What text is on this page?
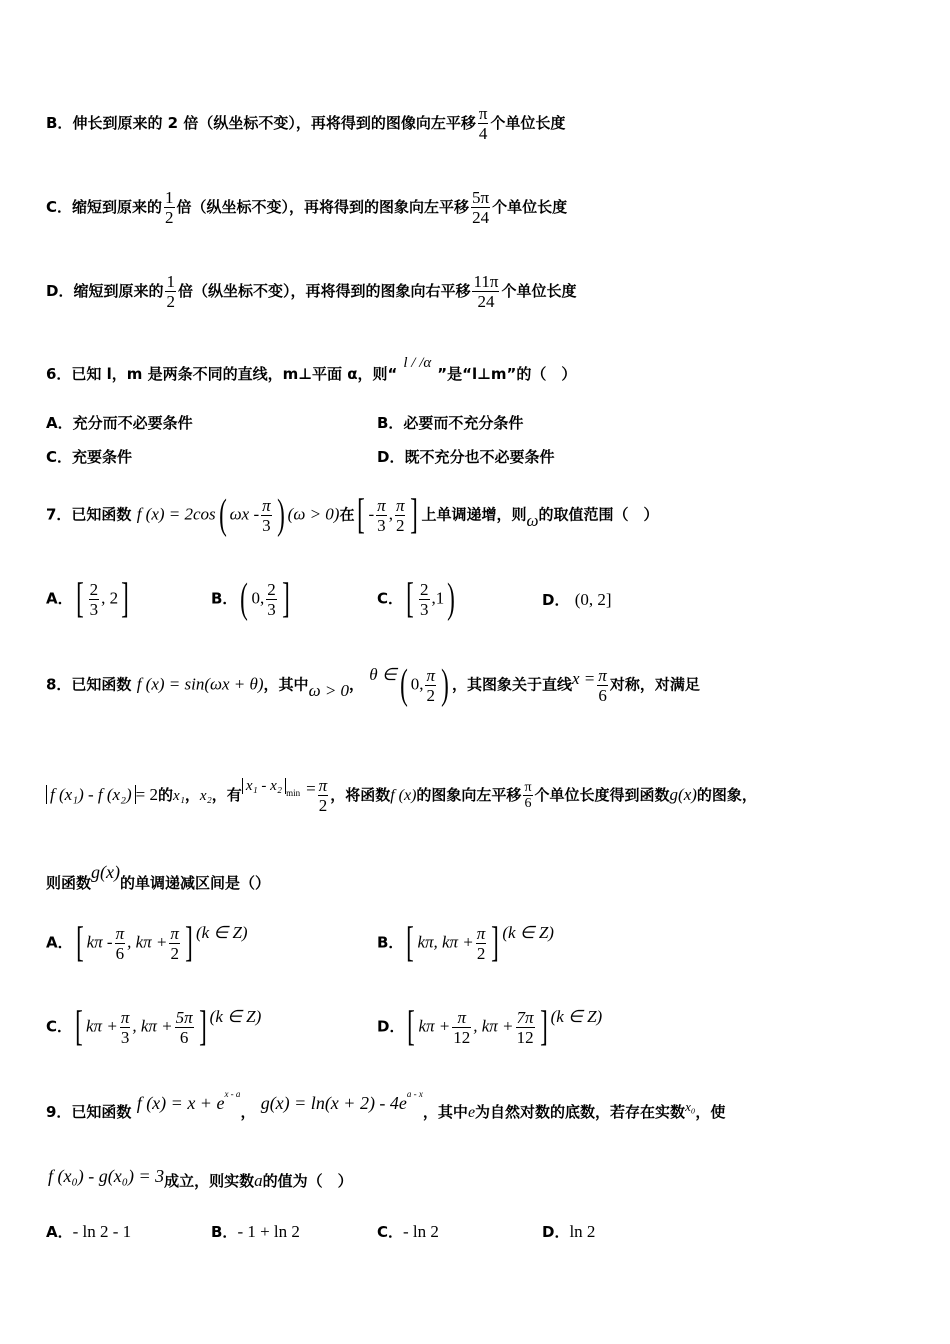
B．伸长到原来的 2 倍（纵坐标不变），再将得到的图像向左平移 $\frac{\pi}{4}$ 个单位长度
C．缩短到原来的 $\frac{1}{2}$ 倍（纵坐标不变），再将得到的图象向左平移 $\frac{5\pi}{24}$ 个单位长度
D．缩短到原来的 $\frac{1}{2}$ 倍（纵坐标不变），再将得到的图象向右平移 $\frac{11\pi}{24}$ 个单位长度
6．已知 l，m 是两条不同的直线，m⊥平面 α，则“l / /α”是“l⊥m”的（　）
A．充分而不必要条件	B．必要而不充分条件
C．充要条件	D．既不充分也不必要条件
7．已知函数 f (x) = 2cos( ωx - $\frac{\pi}{3}$ ) (ω > 0)在[ - $\frac{\pi}{3}$ , $\frac{\pi}{2}$ ] 上单调递增，则ω的取值范围（　）
A．[ $\frac{2}{3}$ , 2]	B．( 0, $\frac{2}{3}$ ]	C．[ $\frac{2}{3} ,1$)	D． (0, 2]
8．已知函数 f (x) = sin(ωx + θ)，其中ω > 0， θ ∈( 0, $\frac{\pi}{2}$ ) ，其图象关于直线$x = \frac{\pi}{6}$ 对称，对满足
f (x₁) - f (x₂) = 2的x₁，x₂，有 x₁ - x₂ $^{min} = \frac{\pi}{2}$ ，将函数f (x)的图象向左平移 $\frac{\pi}{6}$ 个单位长度得到函数g(x)的图象，
则函数g(x)的单调递减区间是（）
A．[ kπ - $\frac{\pi}{6}$ , $k\pi + \frac{\pi}{2}$ ] (k ∈ Z)
B．[ kπ, $k\pi + \frac{\pi}{2}$ ] (k ∈ Z)
C．[ $k\pi + \frac{\pi}{3}$ , $k\pi + \frac{5\pi}{6}$ ] (k ∈ Z)
D．[ $k\pi + \frac{\pi}{12}$ , $k\pi + \frac{7\pi}{12}$ ] (k ∈ Z)
9．已知函数 f $(x) = x + e^{x - a}$， $g(x) = \ln(x + 2) - 4e^{a - x}$，其中e为自然对数的底数，若存在实数x₀，使
f (x₀) - g(x₀) = 3成立，则实数a的值为（　）
A．- ln 2 - 1	B．- 1 + ln 2	C．- ln 2	D．ln 2
